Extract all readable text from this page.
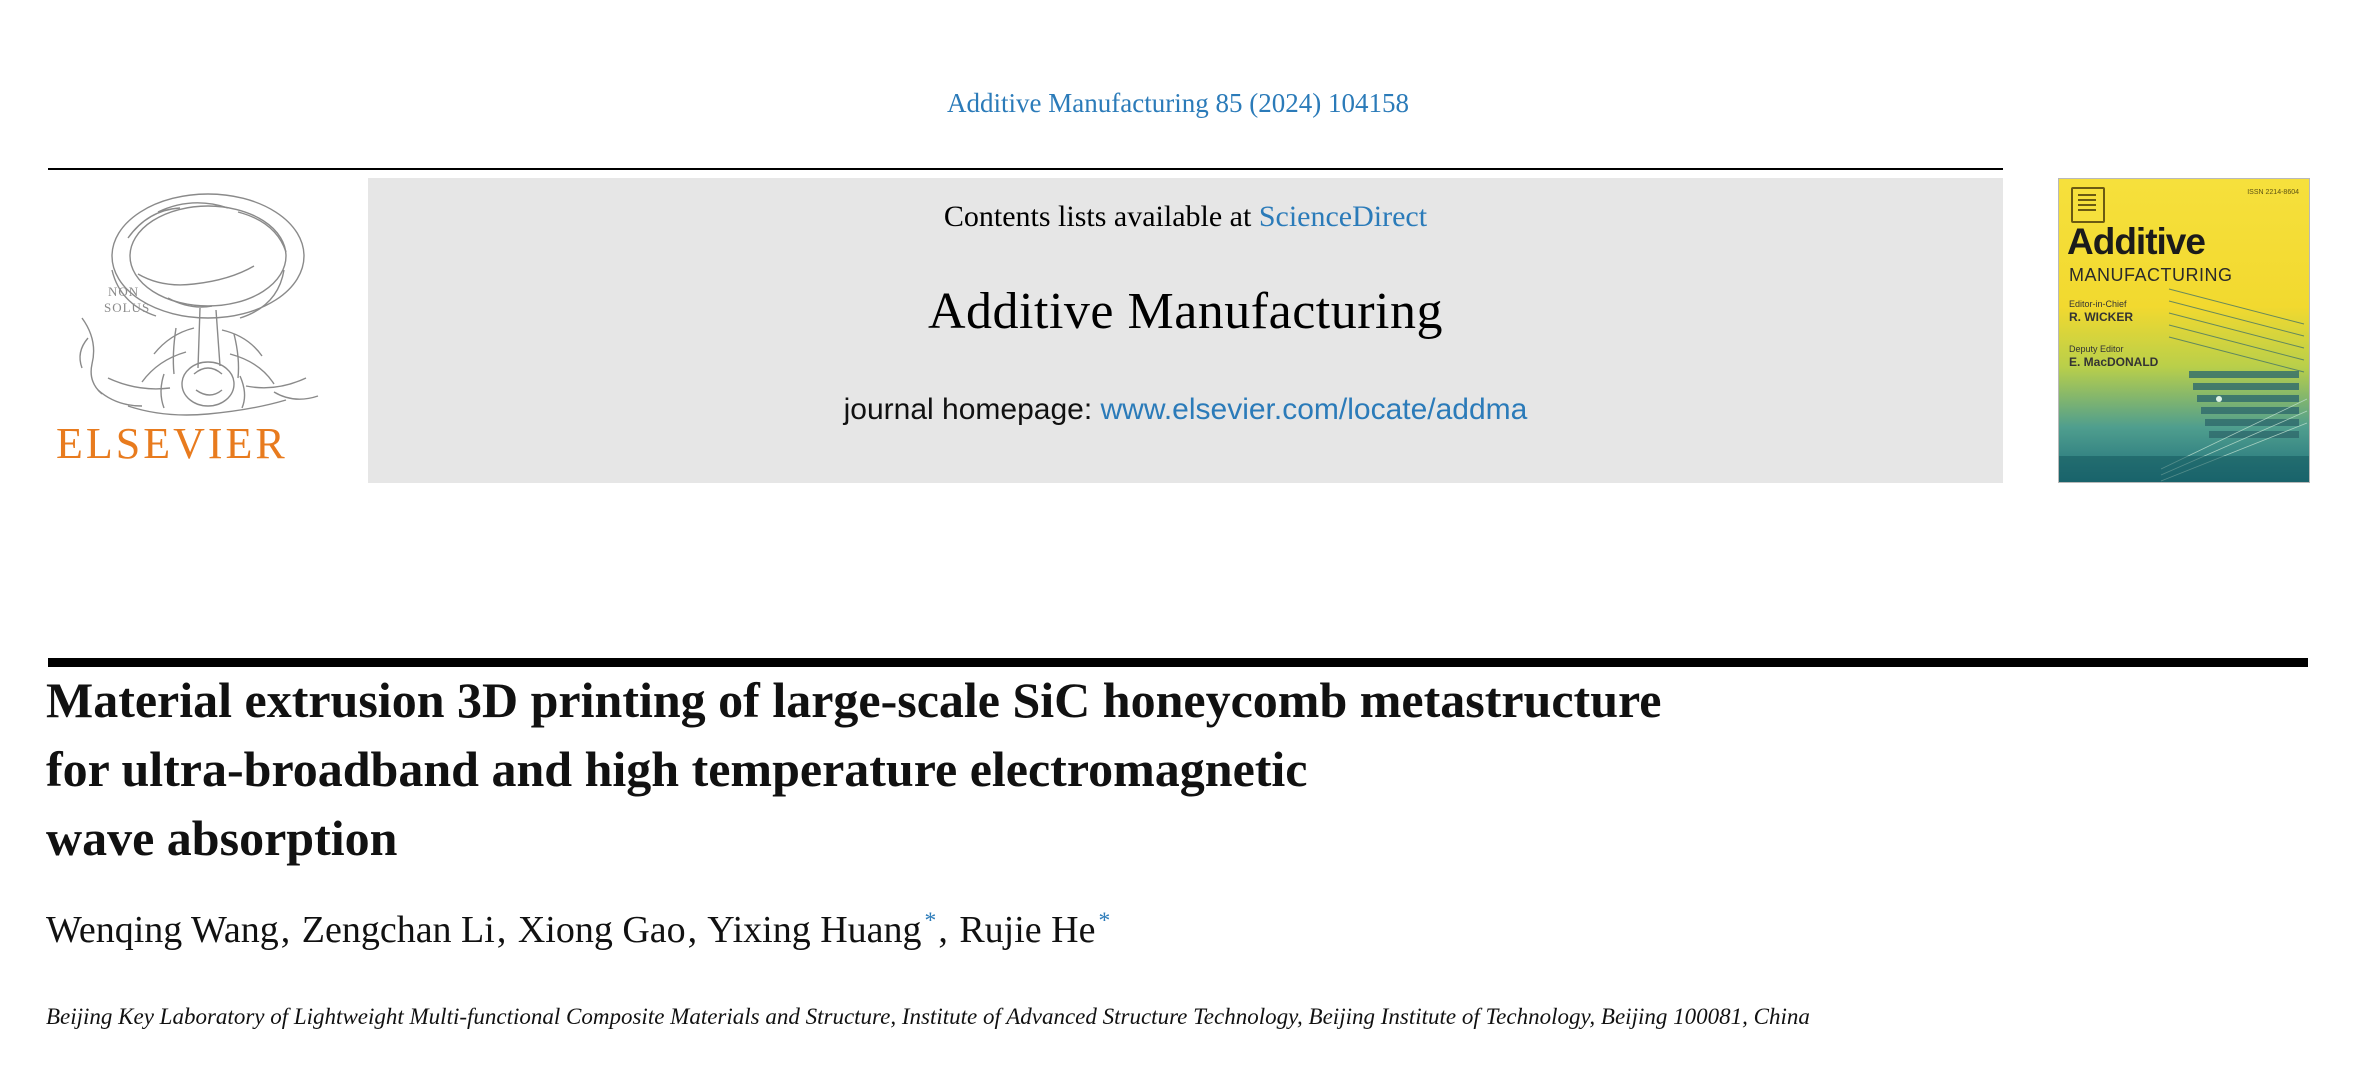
Additive Manufacturing 85 (2024) 104158
NON
SOLUS
ELSEVIER
Contents lists available at ScienceDirect
Additive Manufacturing
journal homepage: www.elsevier.com/locate/addma
ISSN 2214-8604
Additive
MANUFACTURING
Editor-in-Chief
R. WICKER
Deputy Editor
E. MacDONALD
Material extrusion 3D printing of large-scale SiC honeycomb metastructure
for ultra-broadband and high temperature electromagnetic
wave absorption
Wenqing Wang, Zengchan Li, Xiong Gao, Yixing Huang *, Rujie He *
Beijing Key Laboratory of Lightweight Multi-functional Composite Materials and Structure, Institute of Advanced Structure Technology, Beijing Institute of Technology, Beijing 100081, China
